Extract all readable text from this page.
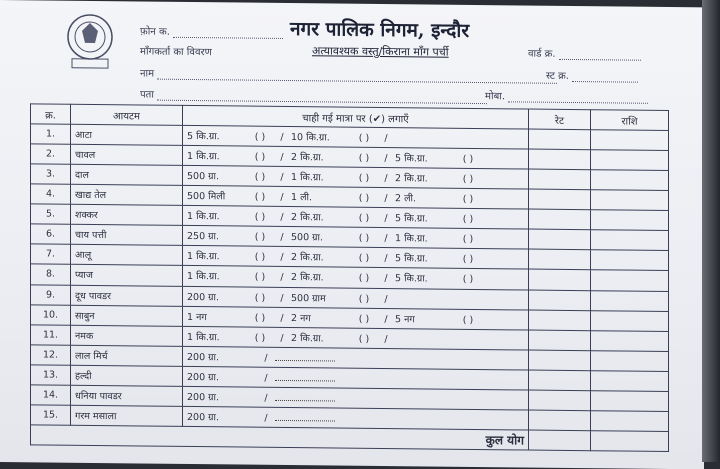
फ़ोन क.
माँगकर्ता का विवरण
नाम
पता	मोबा.
नगर पालिक निगम, इन्दौर
अत्यावश्यक वस्तु/किराना माँग पर्ची	वार्ड क्र.
स्ट क्र.
क्र.	आयटम	चाही गई मात्रा पर (✔) लगाएँ	रेट	राशि
1.	आटा	5 कि.ग्रा. ( ) / 10 कि.ग्रा. ( ) /		
2.	चावल	1 कि.ग्रा. ( ) / 2 कि.ग्रा. ( ) / 5 कि.ग्रा. ( )		
3.	दाल	500 ग्रा. ( ) / 1 कि.ग्रा. ( ) / 2 कि.ग्रा. ( )		
4.	खाद्य तेल	500 मिली ( ) / 1 ली. ( ) / 2 ली. ( )		
5.	शक्कर	1 कि.ग्रा. ( ) / 2 कि.ग्रा. ( ) / 5 कि.ग्रा. ( )		
6.	चाय पत्ती	250 ग्रा. ( ) / 500 ग्रा. ( ) / 1 कि.ग्रा. ( )		
7.	आलू	1 कि.ग्रा. ( ) / 2 कि.ग्रा. ( ) / 5 कि.ग्रा. ( )		
8.	प्याज	1 कि.ग्रा. ( ) / 2 कि.ग्रा. ( ) / 5 कि.ग्रा. ( )		
9.	दूध पावडर	200 ग्रा. ( ) / 500 ग्राम ( ) /		
10.	साबुन	1 नग ( ) / 2 नग ( ) / 5 नग ( )		
11.	नमक	1 कि.ग्रा. ( ) / 2 कि.ग्रा. ( ) /		
12.	लाल मिर्च	200 ग्रा. /		
13.	हल्दी	200 ग्रा. /		
14.	धनिया पावडर	200 ग्रा. /		
15.	गरम मसाला	200 ग्रा. /		
कुल योग				
